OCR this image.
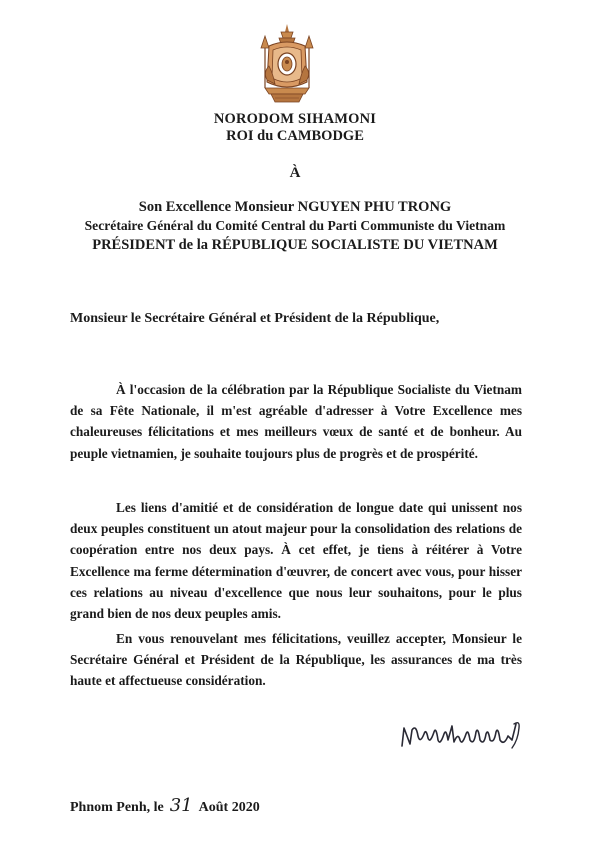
NORODOM SIHAMONI
ROI du CAMBODGE
À
Son Excellence Monsieur NGUYEN PHU TRONG
Secrétaire Général du Comité Central du Parti Communiste du Vietnam
PRÉSIDENT de la RÉPUBLIQUE SOCIALISTE DU VIETNAM
Monsieur le Secrétaire Général et Président de la République,

À l'occasion de la célébration par la République Socialiste du Vietnam de sa Fête Nationale, il m'est agréable d'adresser à Votre Excellence mes chaleureuses félicitations et mes meilleurs vœux de santé et de bonheur. Au peuple vietnamien, je souhaite toujours plus de progrès et de prospérité.

Les liens d'amitié et de considération de longue date qui unissent nos deux peuples constituent un atout majeur pour la consolidation des relations de coopération entre nos deux pays. À cet effet, je tiens à réitérer à Votre Excellence ma ferme détermination d'œuvrer, de concert avec vous, pour hisser ces relations au niveau d'excellence que nous leur souhaitons, pour le plus grand bien de nos deux peuples amis.

En vous renouvelant mes félicitations, veuillez accepter, Monsieur le Secrétaire Général et Président de la République, les assurances de ma très haute et affectueuse considération.

Phnom Penh, le 31 Août 2020
